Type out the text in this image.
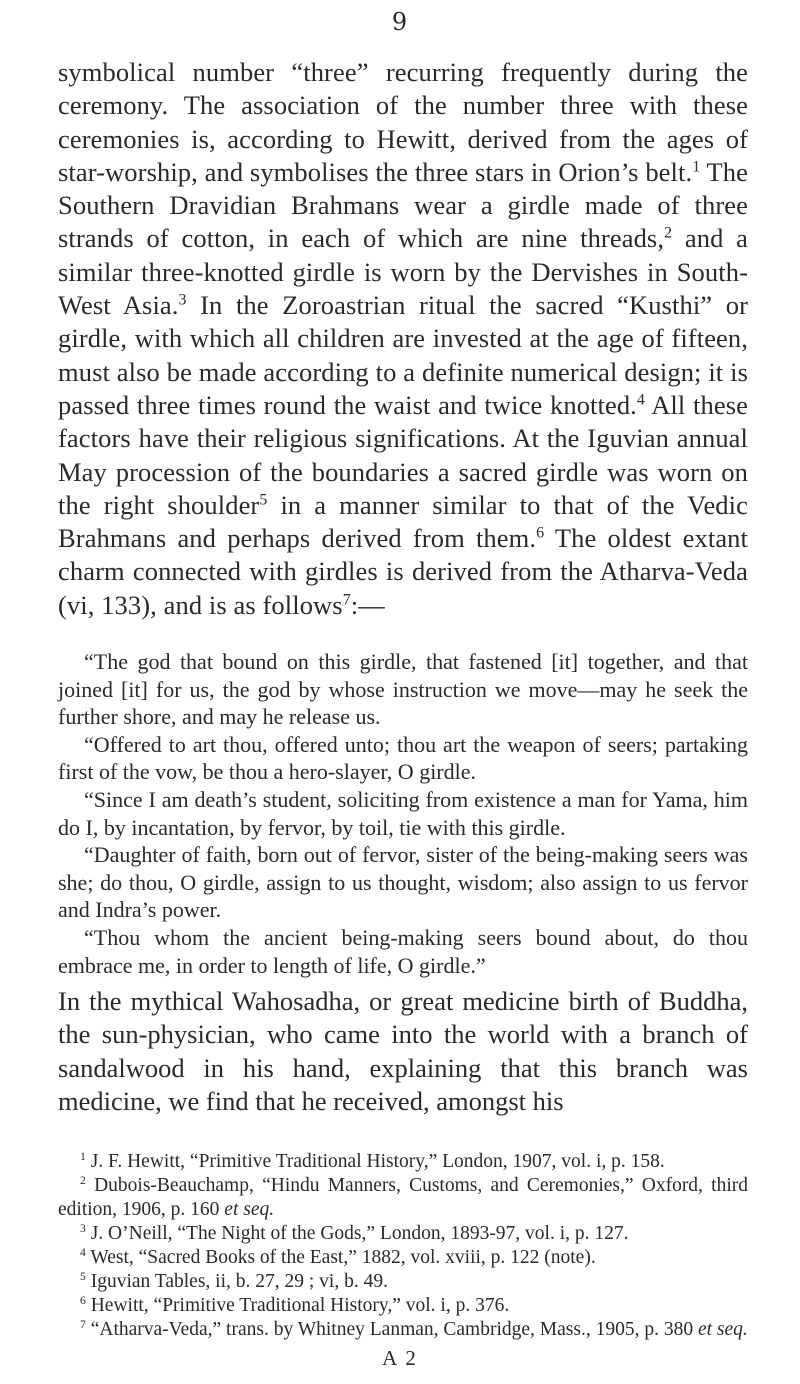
9

symbolical number “three” recurring frequently during the ceremony. The association of the number three with these ceremonies is, according to Hewitt, derived from the ages of star-worship, and symbolises the three stars in Orion’s belt.$^1$ The Southern Dravidian Brahmans wear a girdle made of three strands of cotton, in each of which are nine threads,$^2$ and a similar three-knotted girdle is worn by the Dervishes in South-West Asia.$^3$ In the Zoroastrian ritual the sacred “Kusthi” or girdle, with which all children are invested at the age of fifteen, must also be made according to a definite numerical design; it is passed three times round the waist and twice knotted.$^4$ All these factors have their religious significations. At the Iguvian annual May procession of the boundaries a sacred girdle was worn on the right shoulder$^5$ in a manner similar to that of the Vedic Brahmans and perhaps derived from them.$^6$ The oldest extant charm connected with girdles is derived from the Atharva-Veda (vi, 133), and is as follows$^7$:—

“The god that bound on this girdle, that fastened [it] together, and that joined [it] for us, the god by whose instruction we move—may he seek the further shore, and may he release us.

“Offered to art thou, offered unto; thou art the weapon of seers; partaking first of the vow, be thou a hero-slayer, O girdle.

“Since I am death’s student, soliciting from existence a man for Yama, him do I, by incantation, by fervor, by toil, tie with this girdle.

“Daughter of faith, born out of fervor, sister of the being-making seers was she; do thou, O girdle, assign to us thought, wisdom; also assign to us fervor and Indra’s power.

“Thou whom the ancient being-making seers bound about, do thou embrace me, in order to length of life, O girdle.”

In the mythical Wahosadha, or great medicine birth of Buddha, the sun-physician, who came into the world with a branch of sandalwood in his hand, explaining that this branch was medicine, we find that he received, amongst his

$^1$ J. F. Hewitt, “Primitive Traditional History,” London, 1907, vol. i, p. 158.

$^2$ Dubois-Beauchamp, “Hindu Manners, Customs, and Ceremonies,” Oxford, third edition, 1906, p. 160 et seq.

$^3$ J. O’Neill, “The Night of the Gods,” London, 1893-97, vol. i, p. 127.

$^4$ West, “Sacred Books of the East,” 1882, vol. xviii, p. 122 (note).

$^5$ Iguvian Tables, ii, b. 27, 29 ; vi, b. 49.

$^6$ Hewitt, “Primitive Traditional History,” vol. i, p. 376.

$^7$ “Atharva-Veda,” trans. by Whitney Lanman, Cambridge, Mass., 1905, p. 380 et seq.

A 2
